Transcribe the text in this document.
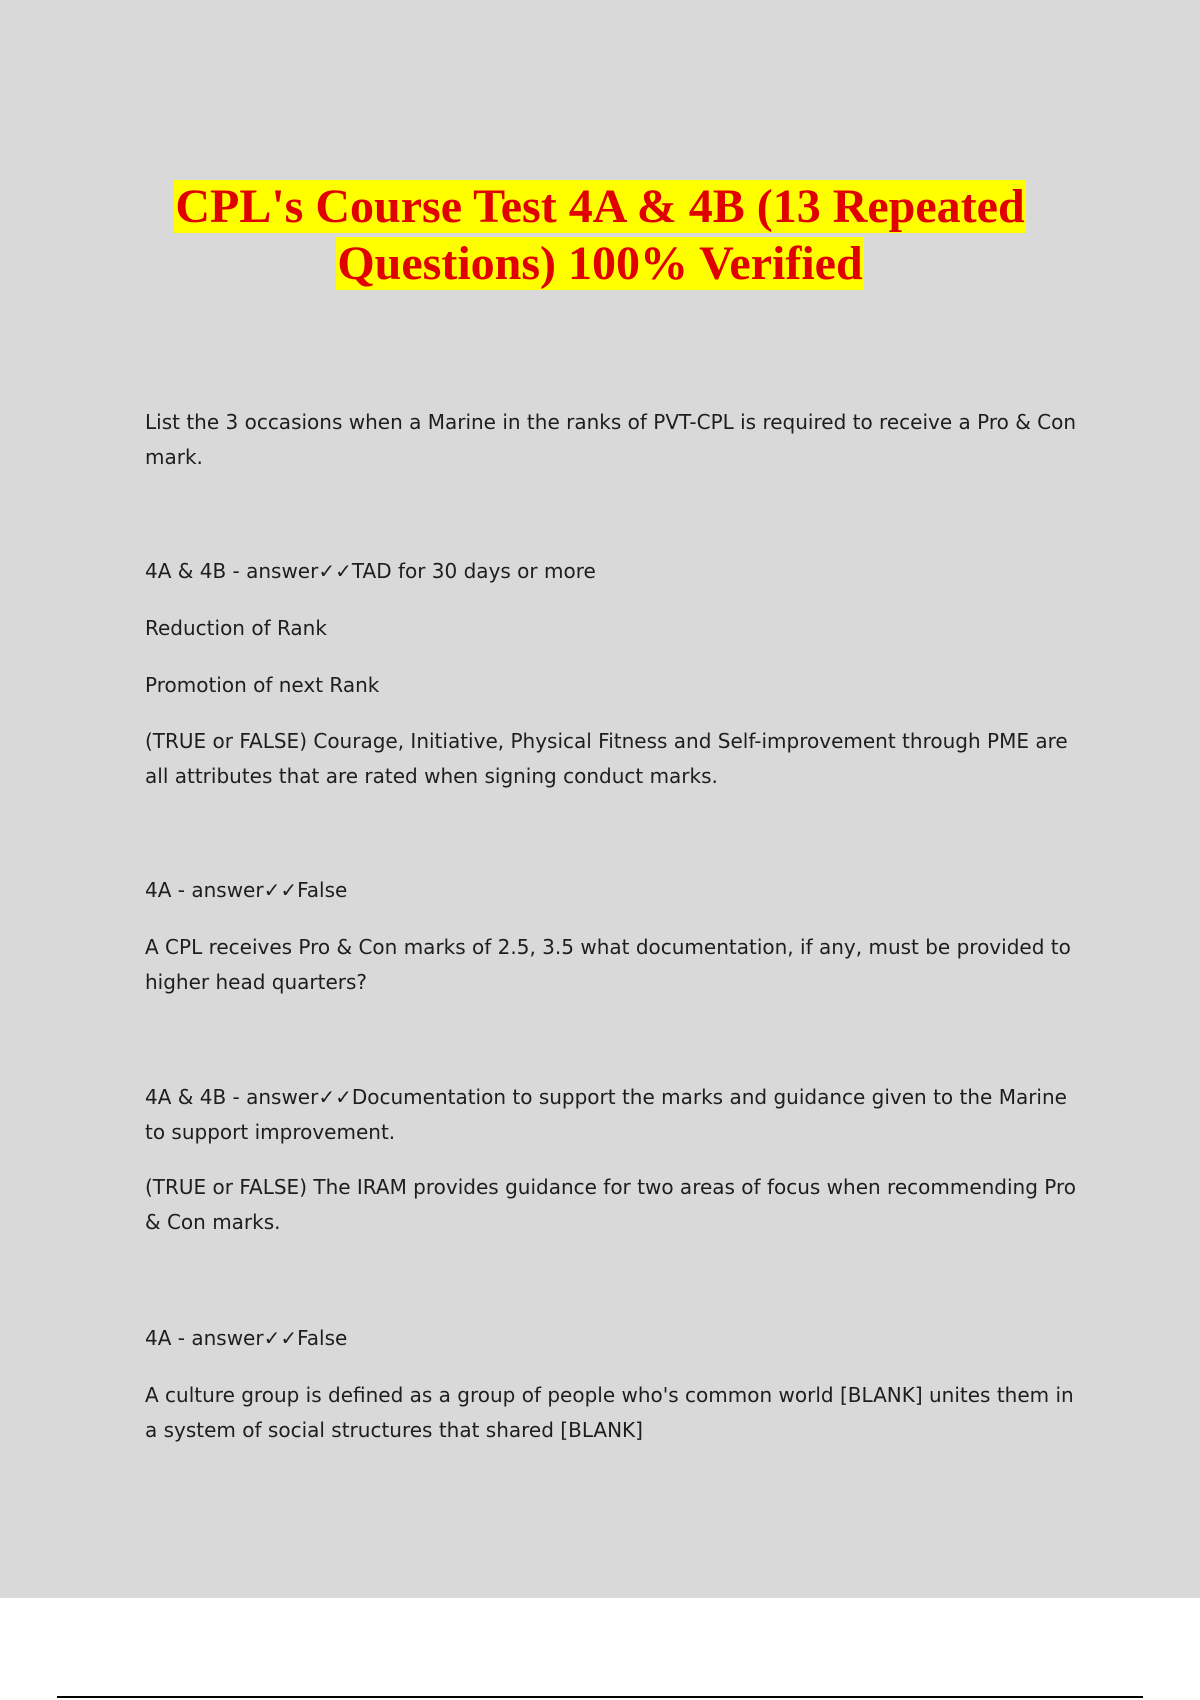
CPL's Course Test 4A & 4B (13 Repeated
Questions) 100% Verified
List the 3 occasions when a Marine in the ranks of PVT-CPL is required to receive a Pro & Con mark.
4A & 4B - answer✓✓TAD for 30 days or more
Reduction of Rank
Promotion of next Rank
(TRUE or FALSE) Courage, Initiative, Physical Fitness and Self-improvement through PME are all attributes that are rated when signing conduct marks.
4A - answer✓✓False
A CPL receives Pro & Con marks of 2.5, 3.5 what documentation, if any, must be provided to higher head quarters?
4A & 4B - answer✓✓Documentation to support the marks and guidance given to the Marine to support improvement.
(TRUE or FALSE) The IRAM provides guidance for two areas of focus when recommending Pro & Con marks.
4A - answer✓✓False
A culture group is defined as a group of people who's common world [BLANK] unites them in a system of social structures that shared [BLANK]
